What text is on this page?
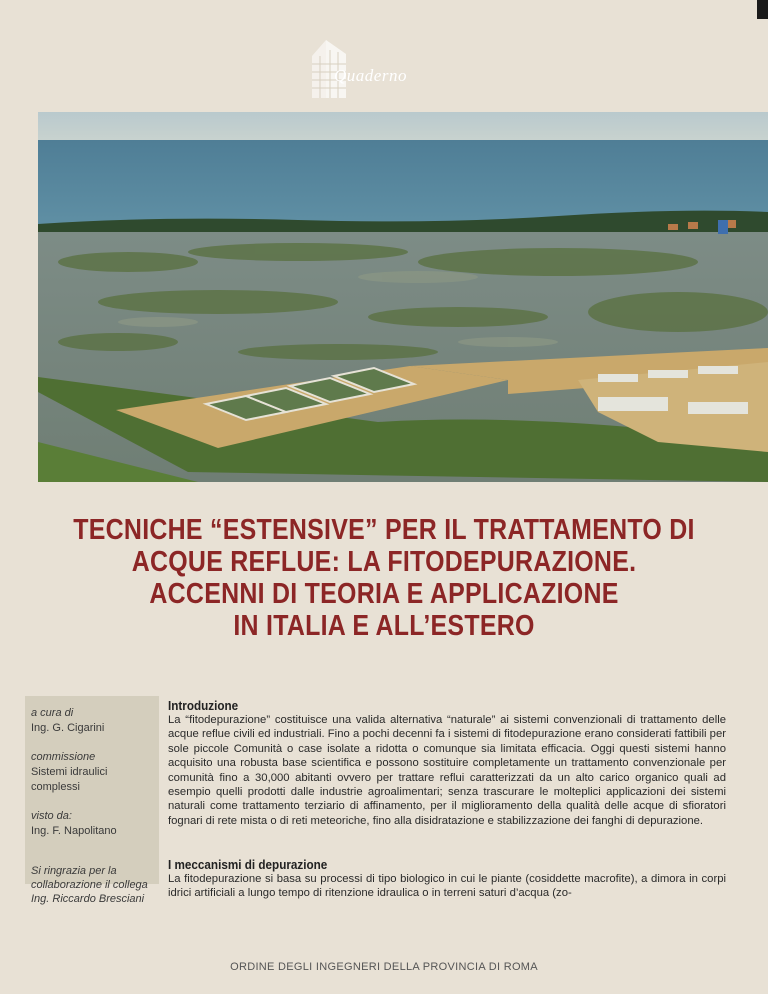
Quaderno
TECNICHE “ESTENSIVE” PER IL TRATTAMENTO DI
ACQUE REFLUE: LA FITODEPURAZIONE.
ACCENNI DI TEORIA E APPLICAZIONE
IN ITALIA E ALL’ESTERO
a cura di
Ing. G. Cigarini
commissione
Sistemi idraulici
complessi
visto da:
Ing. F. Napolitano
Si ringrazia per la
collaborazione il collega
Ing. Riccardo Bresciani
Introduzione

La “fitodepurazione” costituisce una valida alternativa “naturale” ai sistemi convenzionali di trattamento delle acque reflue civili ed industriali. Fino a pochi decenni fa i sistemi di fitodepurazione erano considerati fattibili per sole piccole Comunità o case isolate a ridotta o comunque sia limitata efficacia. Oggi questi sistemi hanno acquisito una robusta base scientifica e possono sostituire completamente un trattamento convenzionale per comunità fino a 30,000 abitanti ovvero per trattare reflui caratterizzati da un alto carico organico quali ad esempio quelli prodotti dalle industrie agroalimentari; senza trascurare le molteplici applicazioni dei sistemi naturali come trattamento terziario di affinamento, per il miglioramento della qualità delle acque di sfioratori fognari di rete mista o di reti meteoriche, fino alla disidratazione e stabilizzazione dei fanghi di depurazione.

I meccanismi di depurazione

La fitodepurazione si basa su processi di tipo biologico in cui le piante (cosiddette macrofite), a dimora in corpi idrici artificiali a lungo tempo di ritenzione idraulica o in terreni saturi d’acqua (zo-

ORDINE DEGLI INGEGNERI DELLA PROVINCIA DI ROMA
